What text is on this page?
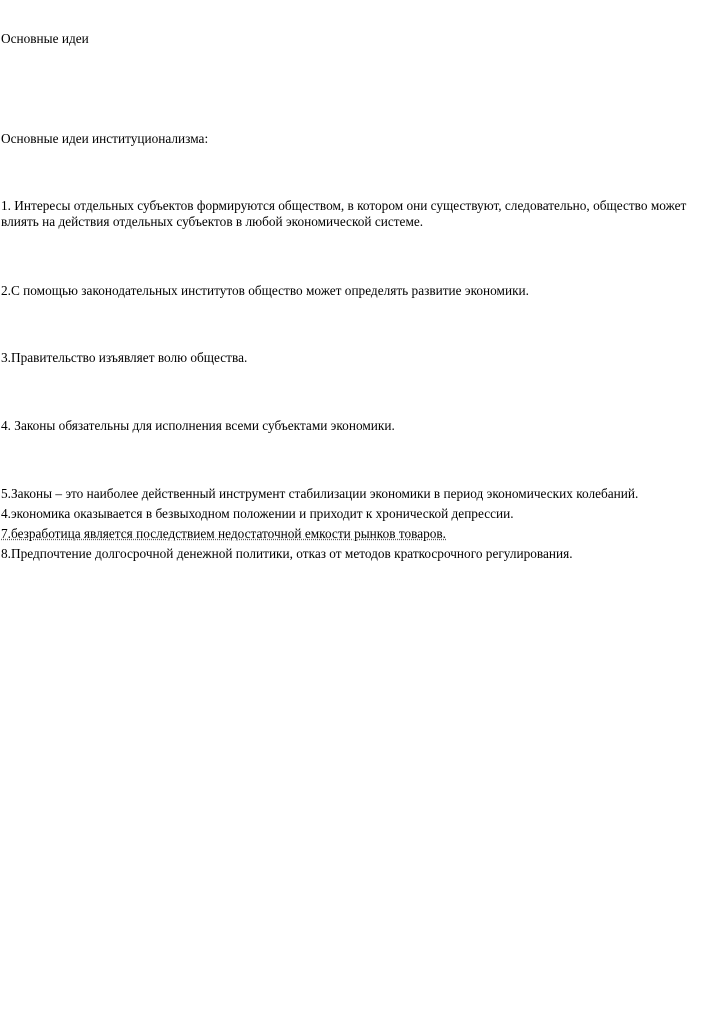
Основные идеи
Основные идеи институционализма:
1. Интересы отдельных субъектов формируются обществом, в котором они существуют, следовательно, общество может влиять на действия отдельных субъектов в любой экономической системе.
2.С помощью законодательных институтов общество может определять развитие экономики.
3.Правительство изъявляет волю общества.
4. Законы обязательны для исполнения всеми субъектами экономики.
5.Законы – это наиболее действенный инструмент стабилизации экономики в период экономических колебаний.
4.экономика оказывается в безвыходном положении и приходит к хронической депрессии.
7.безработица является последствием недостаточной емкости рынков товаров.
8.Предпочтение долгосрочной денежной политики, отказ от методов краткосрочного регулирования.
